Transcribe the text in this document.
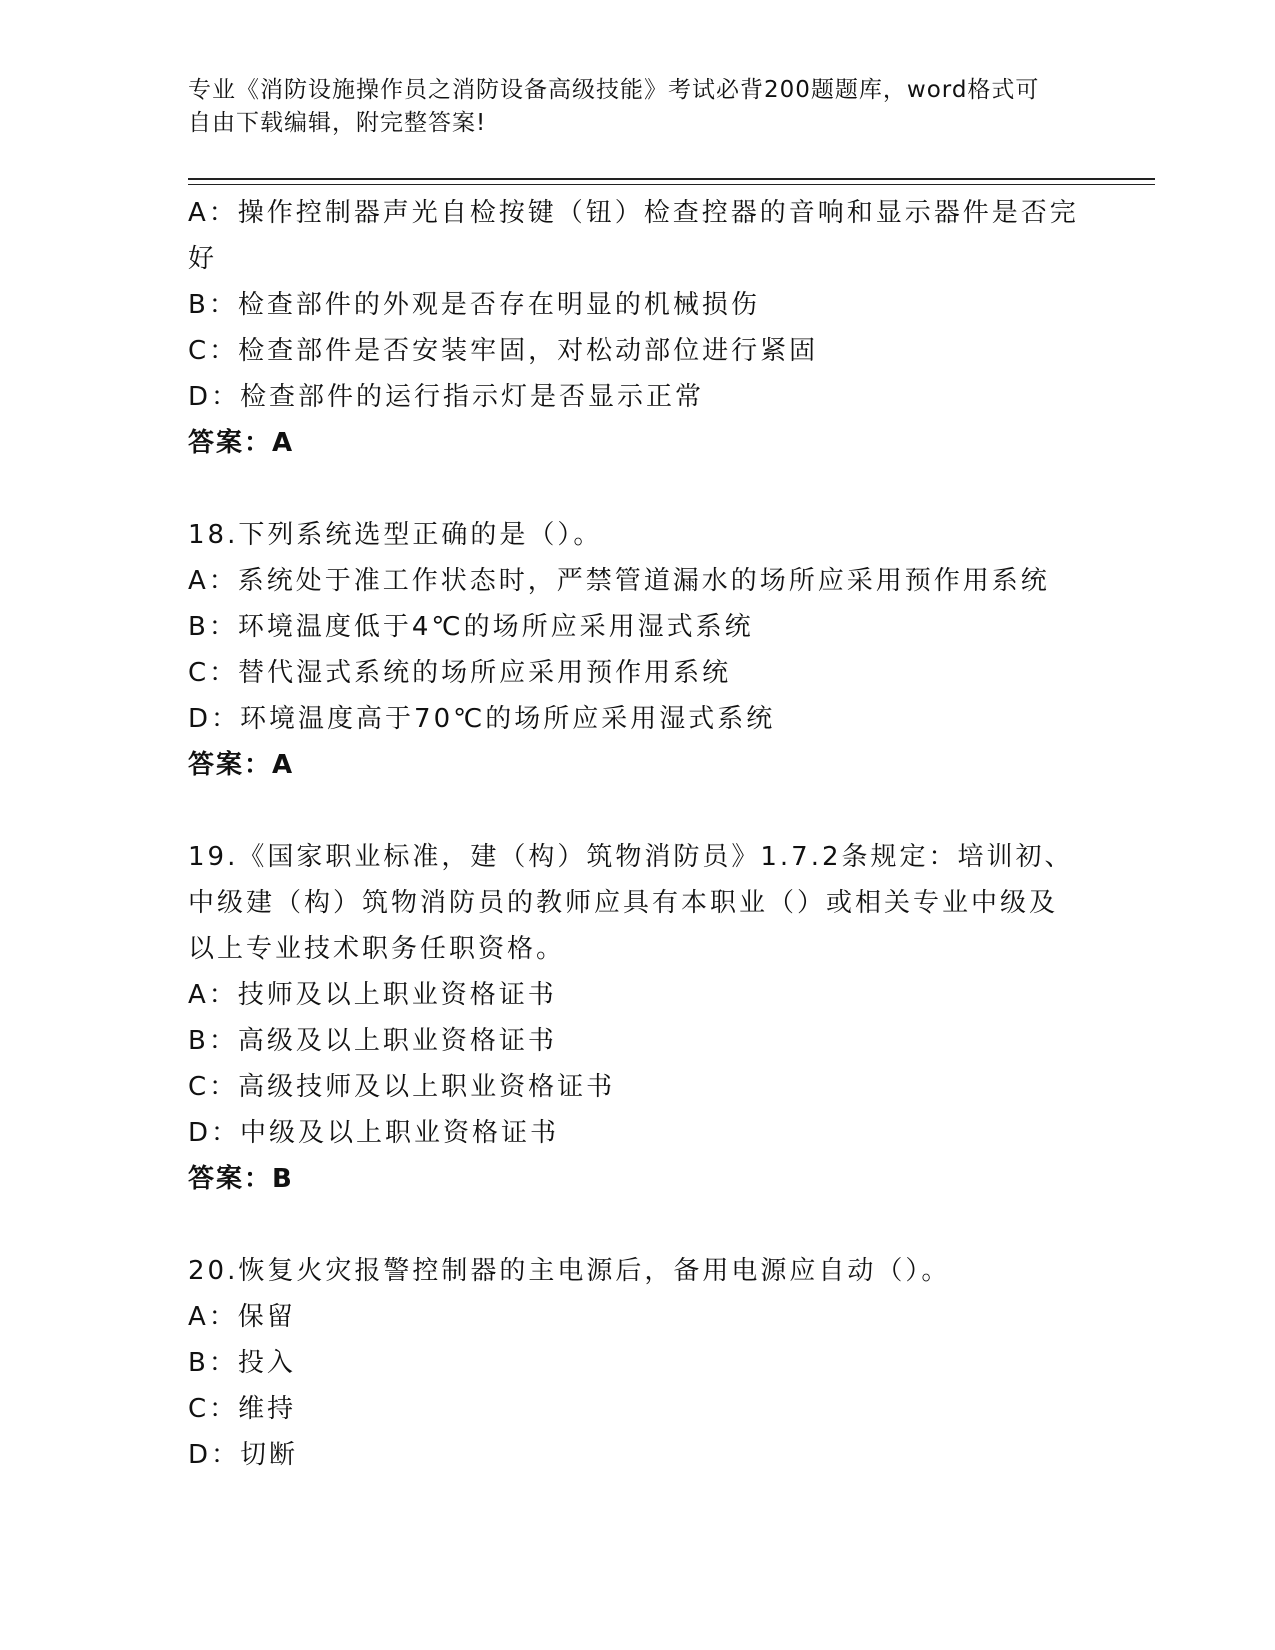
专业《消防设施操作员之消防设备高级技能》考试必背200题题库，word格式可
自由下载编辑，附完整答案!
A：操作控制器声光自检按键（钮）检查控器的音响和显示器件是否完
好
B：检查部件的外观是否存在明显的机械损伤
C：检查部件是否安装牢固，对松动部位进行紧固
D：检查部件的运行指示灯是否显示正常
答案：A
18.下列系统选型正确的是（）。
A：系统处于准工作状态时，严禁管道漏水的场所应采用预作用系统
B：环境温度低于4℃的场所应采用湿式系统
C：替代湿式系统的场所应采用预作用系统
D：环境温度高于70℃的场所应采用湿式系统
答案：A
19.《国家职业标准，建（构）筑物消防员》1.7.2条规定：培训初、
中级建（构）筑物消防员的教师应具有本职业（）或相关专业中级及
以上专业技术职务任职资格。
A：技师及以上职业资格证书
B：高级及以上职业资格证书
C：高级技师及以上职业资格证书
D：中级及以上职业资格证书
答案：B
20.恢复火灾报警控制器的主电源后，备用电源应自动（）。
A：保留
B：投入
C：维持
D：切断
